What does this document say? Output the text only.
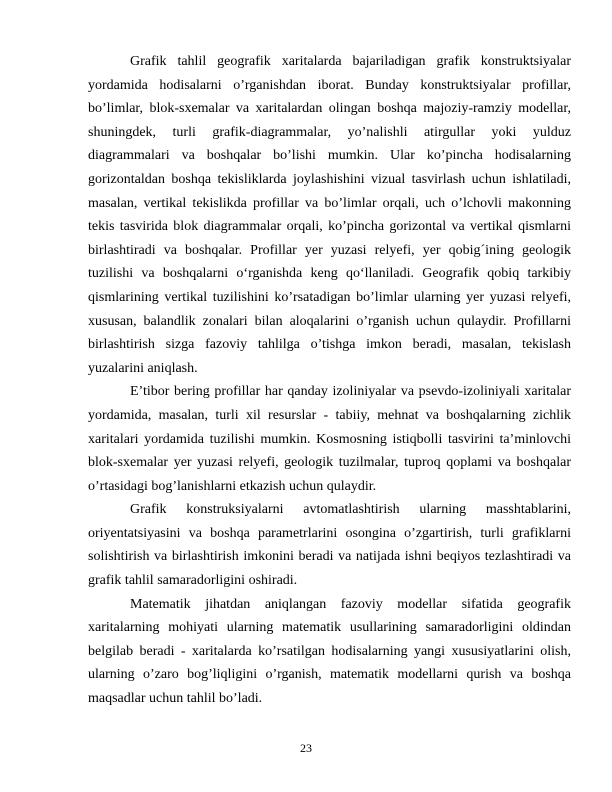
Grafik tahlil geografik xaritalarda bajariladigan grafik konstruktsiyalar yordamida hodisalarni o’rganishdan iborat. Bunday konstruktsiyalar profillar, bo’limlar, blok-sxemalar va xaritalardan olingan boshqa majoziy-ramziy modellar, shuningdek, turli grafik-diagrammalar, yo’nalishli atirgullar yoki yulduz diagrammalari va boshqalar bo’lishi mumkin. Ular ko’pincha hodisalarning gorizontaldan boshqa tekisliklarda joylashishini vizual tasvirlash uchun ishlatiladi, masalan, vertikal tekislikda profillar va bo’limlar orqali, uch o’lchovli makonning tekis tasvirida blok diagrammalar orqali, ko’pincha gorizontal va vertikal qismlarni birlashtiradi va boshqalar. Profillar yer yuzasi relyefi, yer qobig´ining geologik tuzilishi va boshqalarni o‘rganishda keng qo‘llaniladi. Geografik qobiq tarkibiy qismlarining vertikal tuzilishini ko’rsatadigan bo’limlar ularning yer yuzasi relyefi, xususan, balandlik zonalari bilan aloqalarini o’rganish uchun qulaydir. Profillarni birlashtirish sizga fazoviy tahlilga o’tishga imkon beradi, masalan, tekislash yuzalarini aniqlash.

E’tibor bering profillar har qanday izoliniyalar va psevdo-izoliniyali xaritalar yordamida, masalan, turli xil resurslar - tabiiy, mehnat va boshqalarning zichlik xaritalari yordamida tuzilishi mumkin. Kosmosning istiqbolli tasvirini ta’minlovchi blok-sxemalar yer yuzasi relyefi, geologik tuzilmalar, tuproq qoplami va boshqalar o’rtasidagi bog’lanishlarni etkazish uchun qulaydir.

Grafik konstruksiyalarni avtomatlashtirish ularning masshtablarini, oriyentatsiyasini va boshqa parametrlarini osongina o’zgartirish, turli grafiklarni solishtirish va birlashtirish imkonini beradi va natijada ishni beqiyos tezlashtiradi va grafik tahlil samaradorligini oshiradi.

Matematik jihatdan aniqlangan fazoviy modellar sifatida geografik xaritalarning mohiyati ularning matematik usullarining samaradorligini oldindan belgilab beradi - xaritalarda ko’rsatilgan hodisalarning yangi xususiyatlarini olish, ularning o’zaro bog’liqligini o’rganish, matematik modellarni qurish va boshqa maqsadlar uchun tahlil bo’ladi.

23
